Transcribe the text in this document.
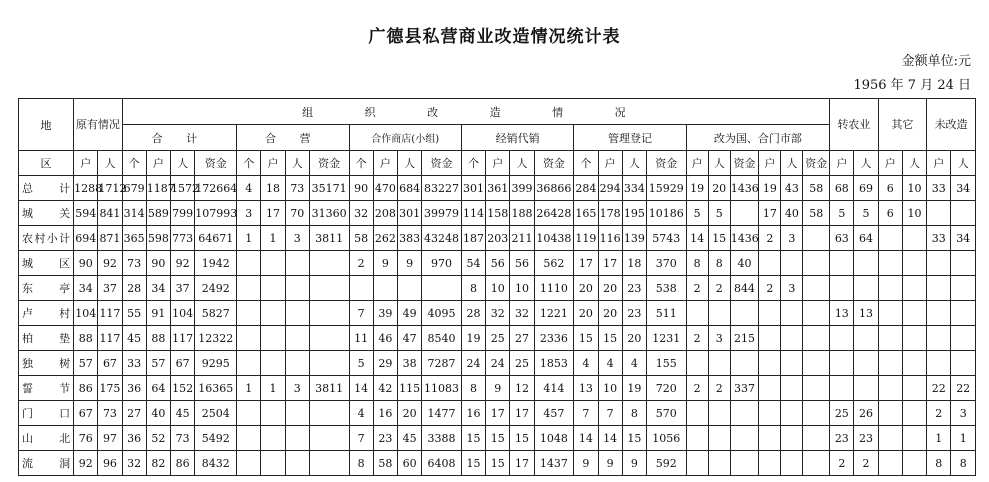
广德县私营商业改造情况统计表
金额单位:元
1956 年 7 月 24 日
地	原有情况		组 织 改 造 情 况																										转农业		其它		未改造	
			合 计				合 营				合作商店(小组)				经销代销				管理登记				改为国、合门市部											
区	户	人	个	户	人	资金	个	户	人	资金	个	户	人	资金	个	户	人	资金	个	户	人	资金	户	人	资金	户	人	资金	户	人	户	人	户	人
总计	1288	1712	679	1187	1572	172664	4	18	73	35171	90	470	684	83227	301	361	399	36866	284	294	334	15929	19	20	1436	19	43	58	68	69	6	10	33	34
城关	594	841	314	589	799	107993	3	17	70	31360	32	208	301	39979	114	158	188	26428	165	178	195	10186	5	5		17	40	58	5	5	6	10		
农村小计	694	871	365	598	773	64671	1	1	3	3811	58	262	383	43248	187	203	211	10438	119	116	139	5743	14	15	1436	2	3		63	64			33	34
城区	90	92	73	90	92	1942					2	9	9	970	54	56	56	562	17	17	18	370	8	8	40									
东亭	34	37	28	34	37	2492									8	10	10	1110	20	20	23	538	2	2	844	2	3							
卢村	104	117	55	91	104	5827					7	39	49	4095	28	32	32	1221	20	20	23	511							13	13				
柏垫	88	117	45	88	117	12322					11	46	47	8540	19	25	27	2336	15	15	20	1231	2	3	215									
独树	57	67	33	57	67	9295					5	29	38	7287	24	24	25	1853	4	4	4	155												
誓节	86	175	36	64	152	16365	1	1	3	3811	14	42	115	11083	8	9	12	414	13	10	19	720	2	2	337								22	22
门口	67	73	27	40	45	2504					4	16	20	1477	16	17	17	457	7	7	8	570							25	26			2	3
山北	76	97	36	52	73	5492					7	23	45	3388	15	15	15	1048	14	14	15	1056							23	23			1	1
流洞	92	96	32	82	86	8432					8	58	60	6408	15	15	17	1437	9	9	9	592							2	2			8	8
